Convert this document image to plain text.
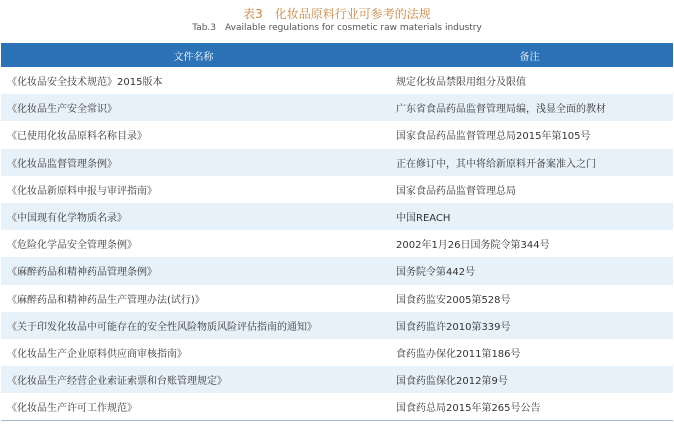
表3　化妆品原料行业可参考的法规
Tab.3　Available regulations for cosmetic raw materials industry
文件名称	备注
《化妆品安全技术规范》2015版本	规定化妆品禁限用组分及限值
《化妆品生产安全常识》	广东省食品药品监督管理局编，浅显全面的教材
《已使用化妆品原料名称目录》	国家食品药品监督管理总局2015年第105号
《化妆品监督管理条例》	正在修订中，其中将给新原料开备案准入之门
《化妆品新原料申报与审评指南》	国家食品药品监督管理总局
《中国现有化学物质名录》	中国REACH
《危险化学品安全管理条例》	2002年1月26日国务院令第344号
《麻醉药品和精神药品管理条例》	国务院令第442号
《麻醉药品和精神药品生产管理办法(试行)》	国食药监安2005第528号
《关于印发化妆品中可能存在的安全性风险物质风险评估指南的通知》	国食药监许2010第339号
《化妆品生产企业原料供应商审核指南》	食药监办保化2011第186号
《化妆品生产经营企业索证索票和台账管理规定》	国食药监保化2012第9号
《化妆品生产许可工作规范》	国食药总局2015年第265号公告
